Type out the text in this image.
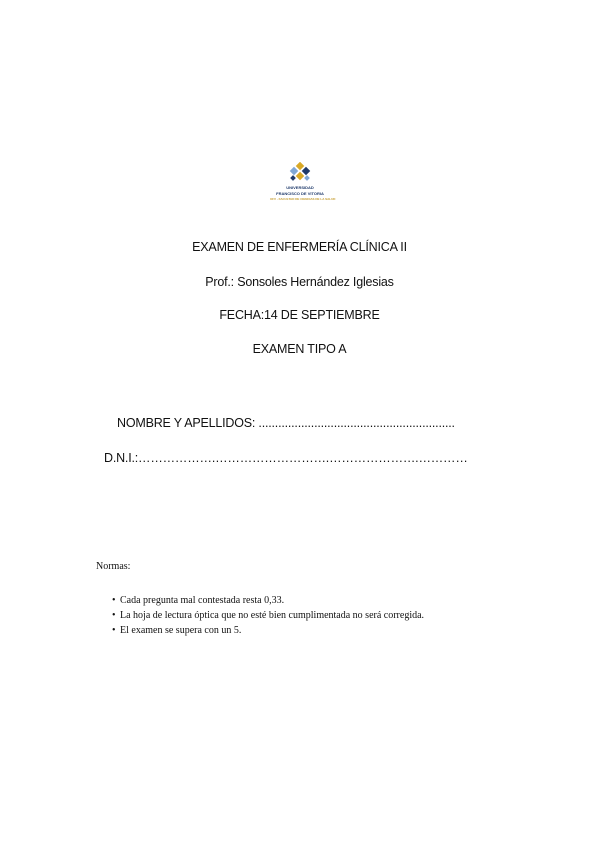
UNIVERSIDAD
FRANCISCO DE VITORIA
UFV · FACULTAD DE CIENCIAS DE LA SALUD
EXAMEN DE ENFERMERÍA CLÍNICA II
Prof.: Sonsoles Hernández Iglesias
FECHA:14 DE SEPTIEMBRE
EXAMEN TIPO A
NOMBRE Y APELLIDOS: ............................................................
D.N.I.:……………….……………………….………………….…………
Normas:
• Cada pregunta mal contestada resta 0,33.
• La hoja de lectura óptica que no esté bien cumplimentada no será corregida.
• El examen se supera con un 5.
